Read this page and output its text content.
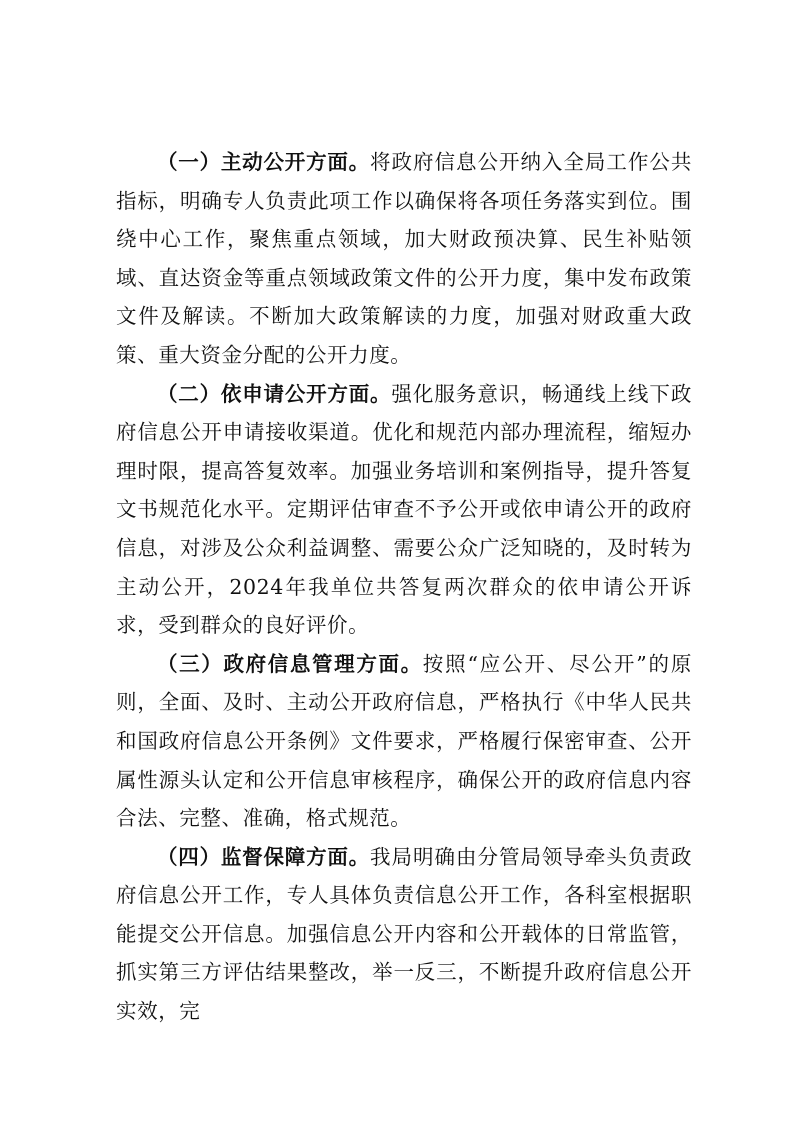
（一）主动公开方面。将政府信息公开纳入全局工作公共指标，明确专人负责此项工作以确保将各项任务落实到位。围绕中心工作，聚焦重点领域，加大财政预决算、民生补贴领域、直达资金等重点领域政策文件的公开力度，集中发布政策文件及解读。不断加大政策解读的力度，加强对财政重大政策、重大资金分配的公开力度。

（二）依申请公开方面。强化服务意识，畅通线上线下政府信息公开申请接收渠道。优化和规范内部办理流程，缩短办理时限，提高答复效率。加强业务培训和案例指导，提升答复文书规范化水平。定期评估审查不予公开或依申请公开的政府信息，对涉及公众利益调整、需要公众广泛知晓的，及时转为主动公开，2024年我单位共答复两次群众的依申请公开诉求，受到群众的良好评价。

（三）政府信息管理方面。按照“应公开、尽公开”的原则，全面、及时、主动公开政府信息，严格执行《中华人民共和国政府信息公开条例》文件要求，严格履行保密审查、公开属性源头认定和公开信息审核程序，确保公开的政府信息内容合法、完整、准确，格式规范。

（四）监督保障方面。我局明确由分管局领导牵头负责政府信息公开工作，专人具体负责信息公开工作，各科室根据职能提交公开信息。加强信息公开内容和公开载体的日常监管，抓实第三方评估结果整改，举一反三，不断提升政府信息公开实效，完
